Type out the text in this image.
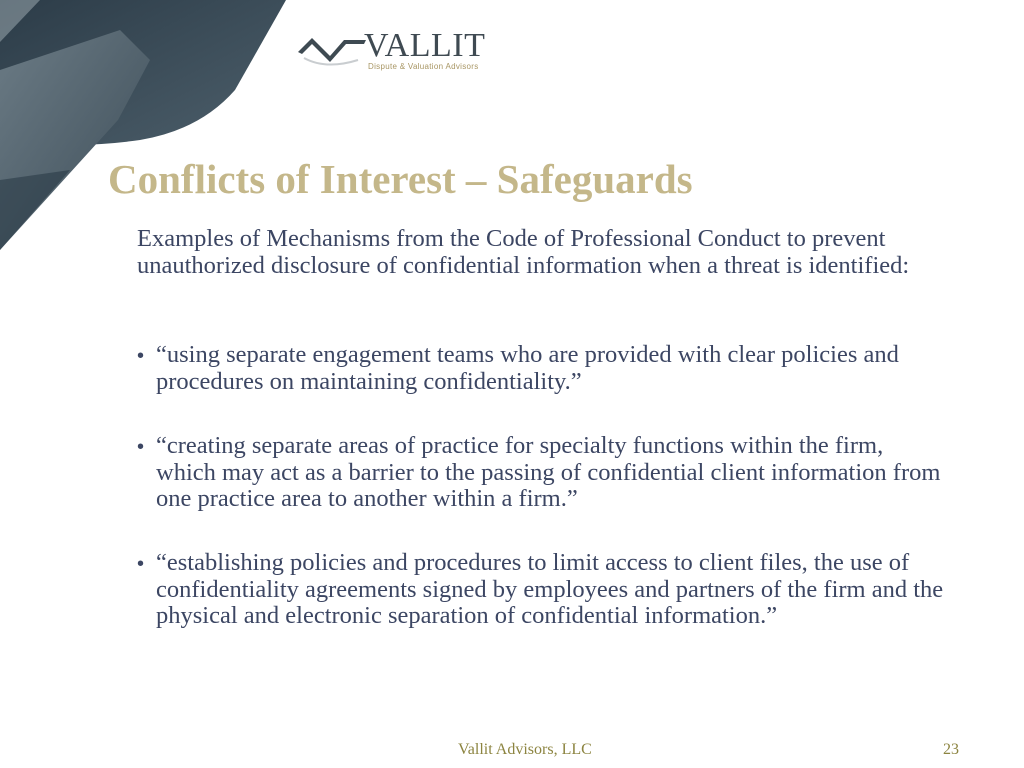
VALLIT
Dispute & Valuation Advisors
Conflicts of Interest – Safeguards

Examples of Mechanisms from the Code of Professional Conduct to prevent unauthorized disclosure of confidential information when a threat is identified:

• “using separate engagement teams who are provided with clear policies and procedures on maintaining confidentiality.”
• “creating separate areas of practice for specialty functions within the firm, which may act as a barrier to the passing of confidential client information from one practice area to another within a firm.”
• “establishing policies and procedures to limit access to client files, the use of confidentiality agreements signed by employees and partners of the firm and the physical and electronic separation of confidential information.”
Vallit Advisors, LLC	23
